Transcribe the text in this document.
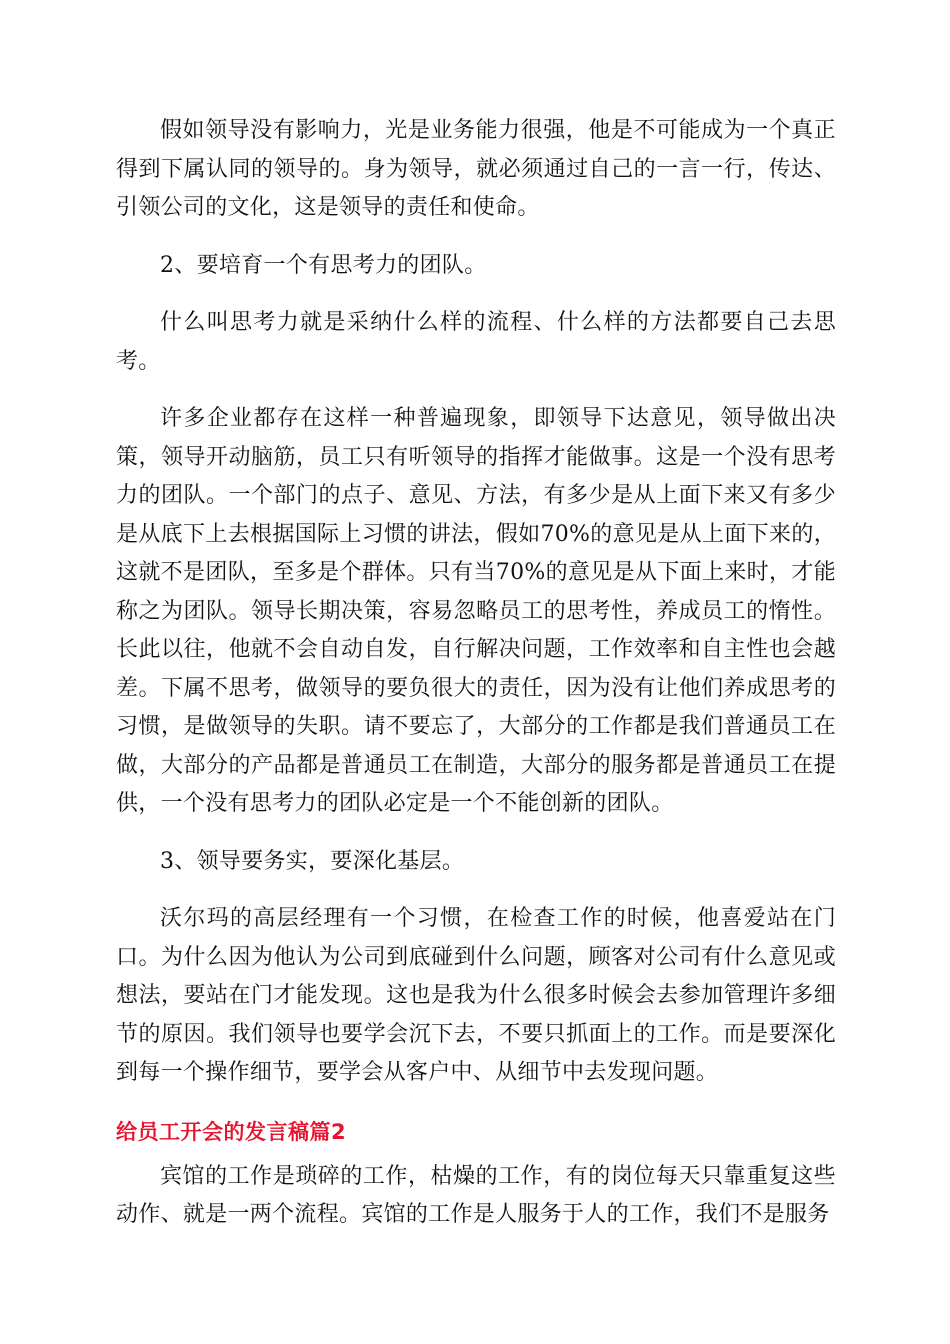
假如领导没有影响力，光是业务能力很强，他是不可能成为一个真正得到下属认同的领导的。身为领导，就必须通过自己的一言一行，传达、引领公司的文化，这是领导的责任和使命。

2、要培育一个有思考力的团队。

什么叫思考力就是采纳什么样的流程、什么样的方法都要自己去思考。

许多企业都存在这样一种普遍现象，即领导下达意见，领导做出决策，领导开动脑筋，员工只有听领导的指挥才能做事。这是一个没有思考力的团队。一个部门的点子、意见、方法，有多少是从上面下来又有多少是从底下上去根据国际上习惯的讲法，假如70%的意见是从上面下来的，这就不是团队，至多是个群体。只有当70%的意见是从下面上来时，才能称之为团队。领导长期决策，容易忽略员工的思考性，养成员工的惰性。长此以往，他就不会自动自发，自行解决问题，工作效率和自主性也会越差。下属不思考，做领导的要负很大的责任，因为没有让他们养成思考的习惯，是做领导的失职。请不要忘了，大部分的工作都是我们普通员工在做，大部分的产品都是普通员工在制造，大部分的服务都是普通员工在提供，一个没有思考力的团队必定是一个不能创新的团队。

3、领导要务实，要深化基层。

沃尔玛的高层经理有一个习惯，在检查工作的时候，他喜爱站在门口。为什么因为他认为公司到底碰到什么问题，顾客对公司有什么意见或想法，要站在门才能发现。这也是我为什么很多时候会去参加管理许多细节的原因。我们领导也要学会沉下去，不要只抓面上的工作。而是要深化到每一个操作细节，要学会从客户中、从细节中去发现问题。

给员工开会的发言稿篇2

宾馆的工作是琐碎的工作，枯燥的工作，有的岗位每天只靠重复这些动作、就是一两个流程。宾馆的工作是人服务于人的工作，我们不是服务
